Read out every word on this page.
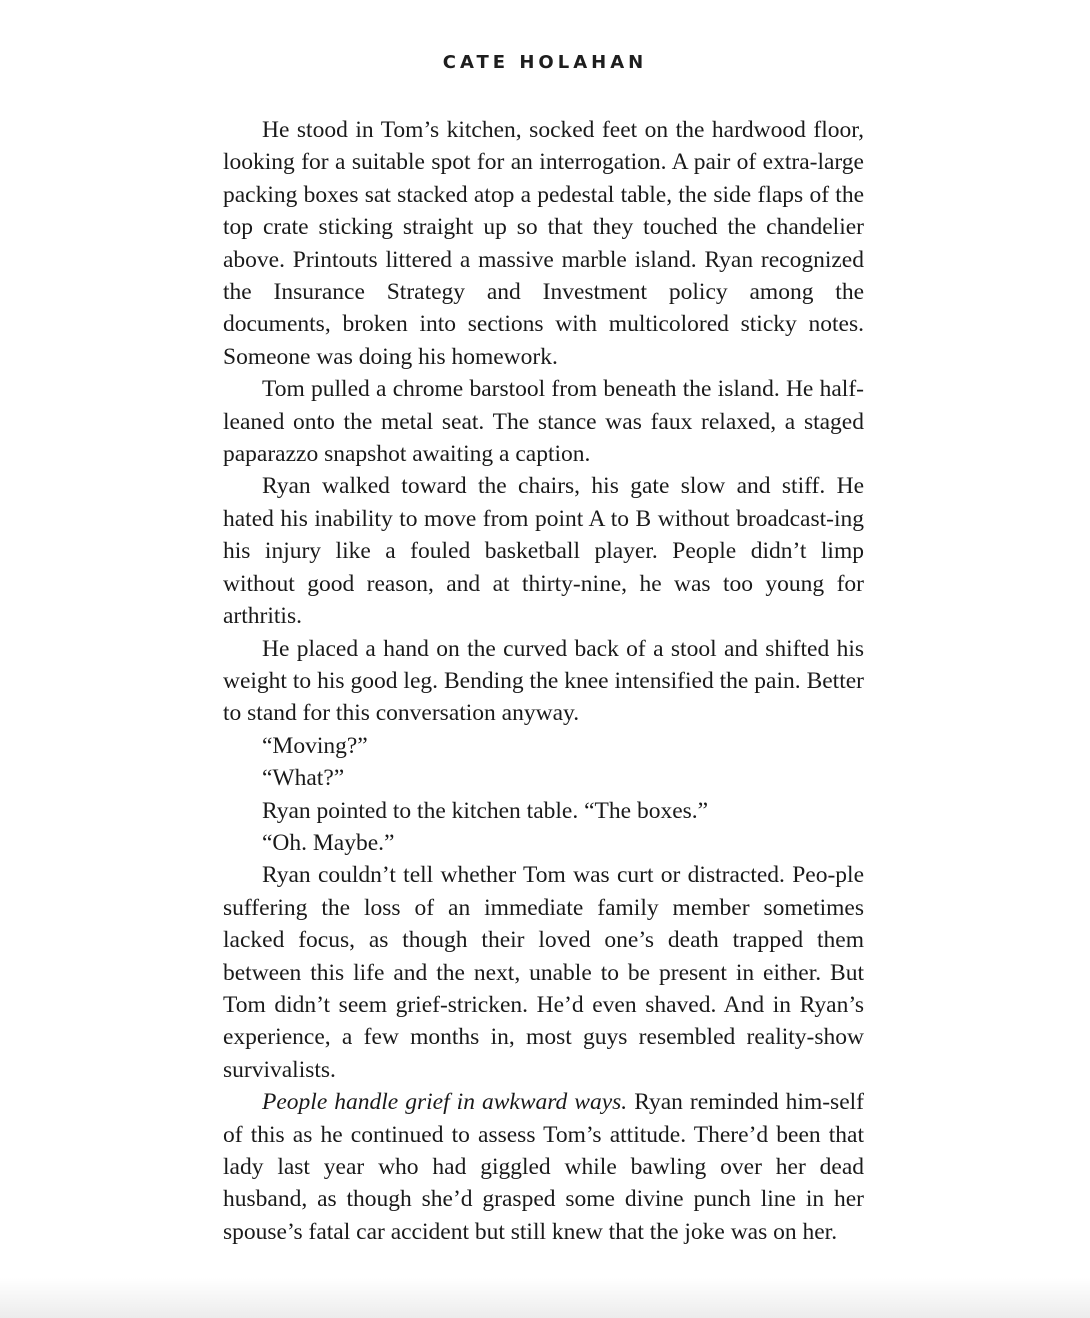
CATE HOLAHAN

He stood in Tom’s kitchen, socked feet on the hardwood floor, looking for a suitable spot for an interrogation. A pair of extra-large packing boxes sat stacked atop a pedestal table, the side flaps of the top crate sticking straight up so that they touched the chandelier above. Printouts littered a massive marble island. Ryan recognized the Insurance Strategy and Investment policy among the documents, broken into sections with multicolored sticky notes. Someone was doing his homework.

Tom pulled a chrome barstool from beneath the island. He half-leaned onto the metal seat. The stance was faux relaxed, a staged paparazzo snapshot awaiting a caption.

Ryan walked toward the chairs, his gate slow and stiff. He hated his inability to move from point A to B without broadcast-ing his injury like a fouled basketball player. People didn’t limp without good reason, and at thirty-nine, he was too young for arthritis.

He placed a hand on the curved back of a stool and shifted his weight to his good leg. Bending the knee intensified the pain. Better to stand for this conversation anyway.

“Moving?”

“What?”

Ryan pointed to the kitchen table. “The boxes.”

“Oh. Maybe.”

Ryan couldn’t tell whether Tom was curt or distracted. Peo-ple suffering the loss of an immediate family member sometimes lacked focus, as though their loved one’s death trapped them between this life and the next, unable to be present in either. But Tom didn’t seem grief-stricken. He’d even shaved. And in Ryan’s experience, a few months in, most guys resembled reality-show survivalists.

People handle grief in awkward ways. Ryan reminded him-self of this as he continued to assess Tom’s attitude. There’d been that lady last year who had giggled while bawling over her dead husband, as though she’d grasped some divine punch line in her spouse’s fatal car accident but still knew that the joke was on her.
